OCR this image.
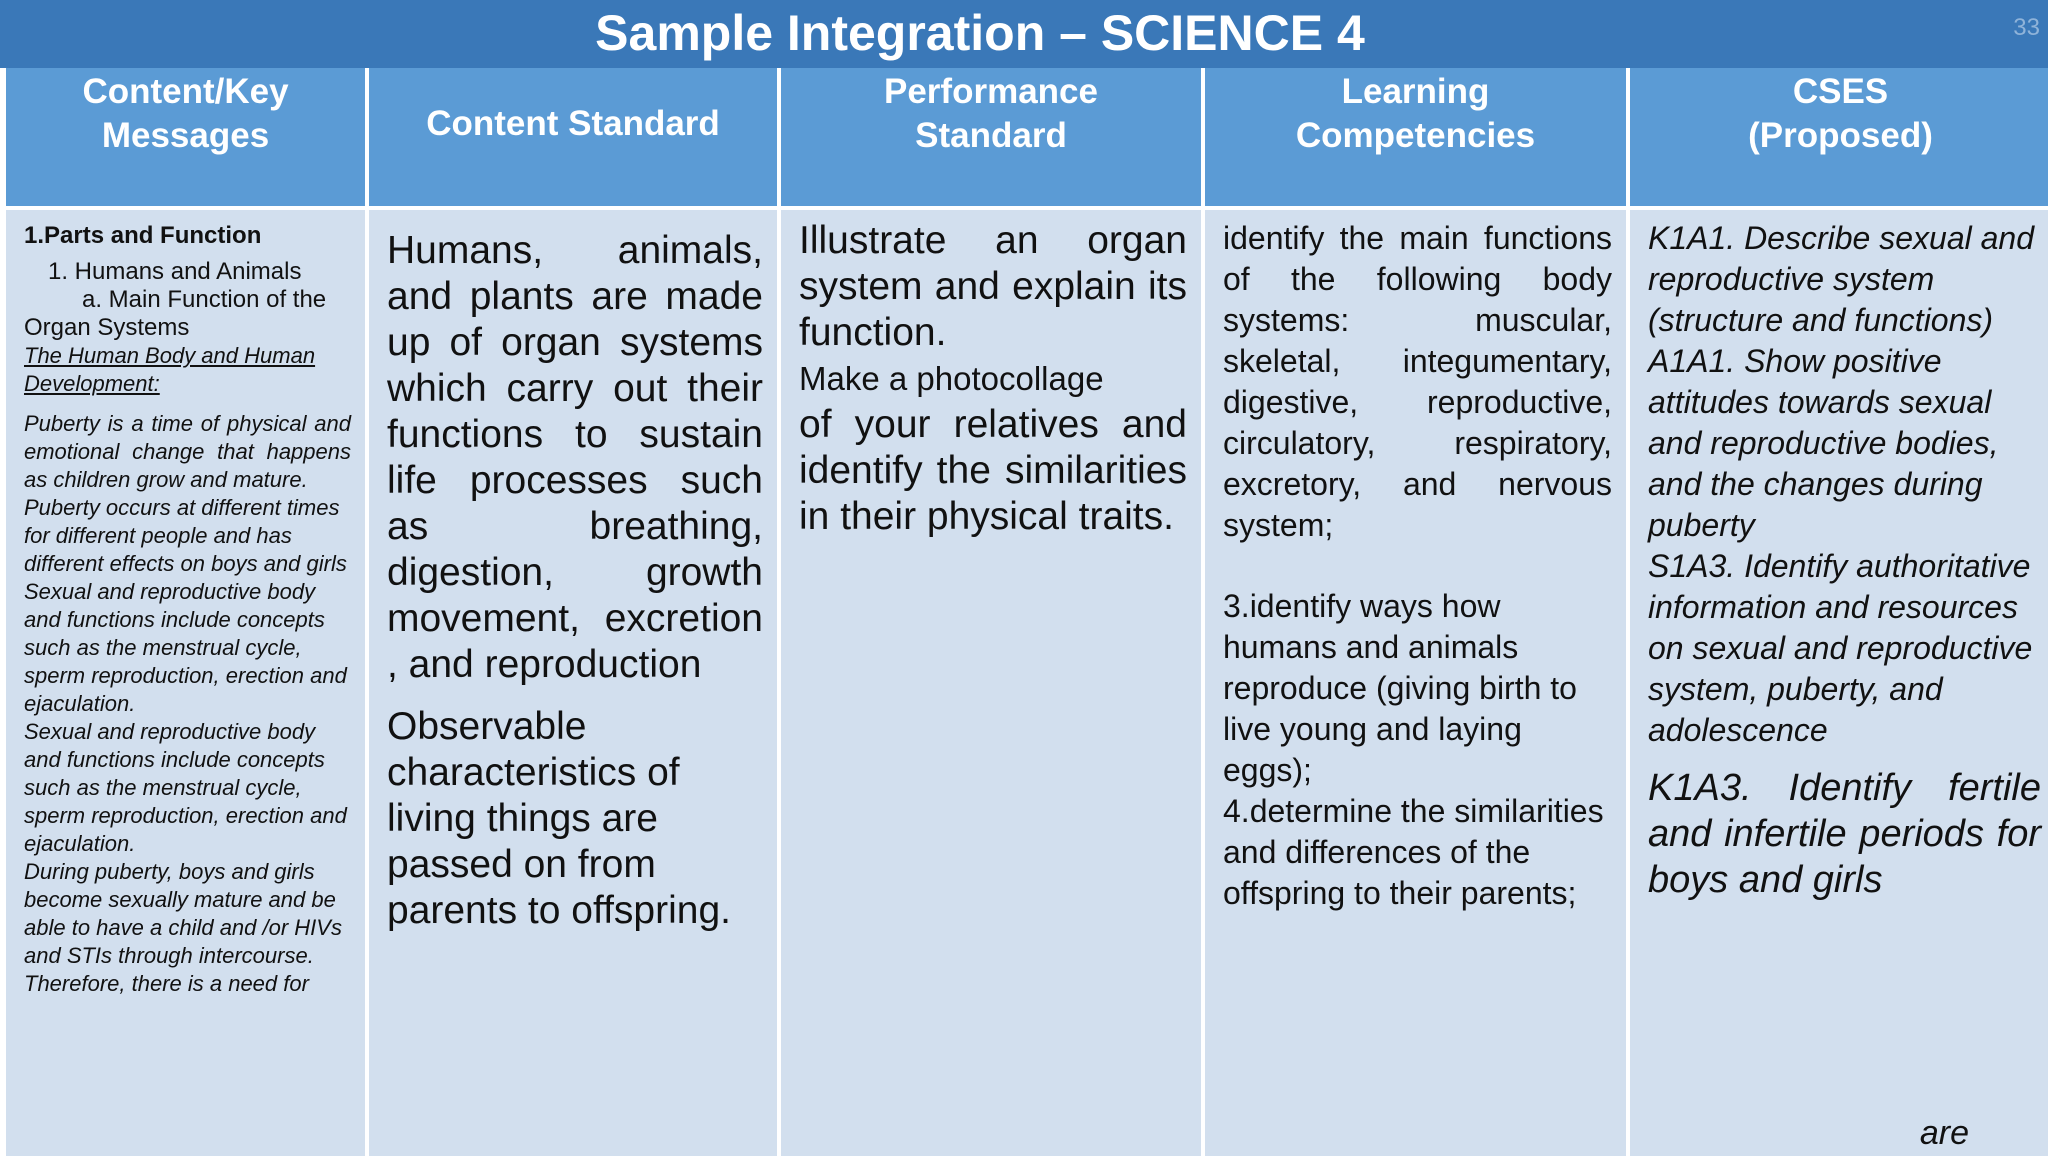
Sample Integration – SCIENCE 4	33
Content/Key
Messages	Content Standard
Performance
Standard
Learning
Competencies
CSES
(Proposed)
1.Parts and Function
1. Humans and Animals
a. Main Function of the
Organ Systems
The Human Body and Human Development:
Puberty is a time of physical and emotional change that happens as children grow and mature.
Puberty occurs at different times for different people and has different effects on boys and girls Sexual and reproductive body and functions include concepts such as the menstrual cycle, sperm reproduction, erection and ejaculation.
Sexual and reproductive body and functions include concepts such as the menstrual cycle, sperm reproduction, erection and ejaculation.
During puberty, boys and girls become sexually mature and be able to have a child and /or HIVs and STIs through intercourse.
Therefore, there is a need for
Humans, animals, and plants are made up of organ systems which carry out their functions to sustain life processes such as breathing, digestion, growth movement, excretion , and reproduction
Observable characteristics of living things are passed on from parents to offspring.
Illustrate an organ system and explain its function.
Make a photocollage
of your relatives and identify the similarities in their physical traits.
identify the main functions of the following body systems: muscular, skeletal, integumentary, digestive, reproductive, circulatory, respiratory, excretory, and nervous system;
3.identify ways how humans and animals reproduce (giving birth to live young and laying eggs);
4.determine the similarities and differences of the offspring to their parents;
K1A1. Describe sexual and reproductive system (structure and functions) A1A1. Show positive attitudes towards sexual and reproductive bodies, and the changes during puberty
S1A3. Identify authoritative information and resources on sexual and reproductive system, puberty, and adolescence
K1A3. Identify fertile and infertile periods for boys and girls
are
